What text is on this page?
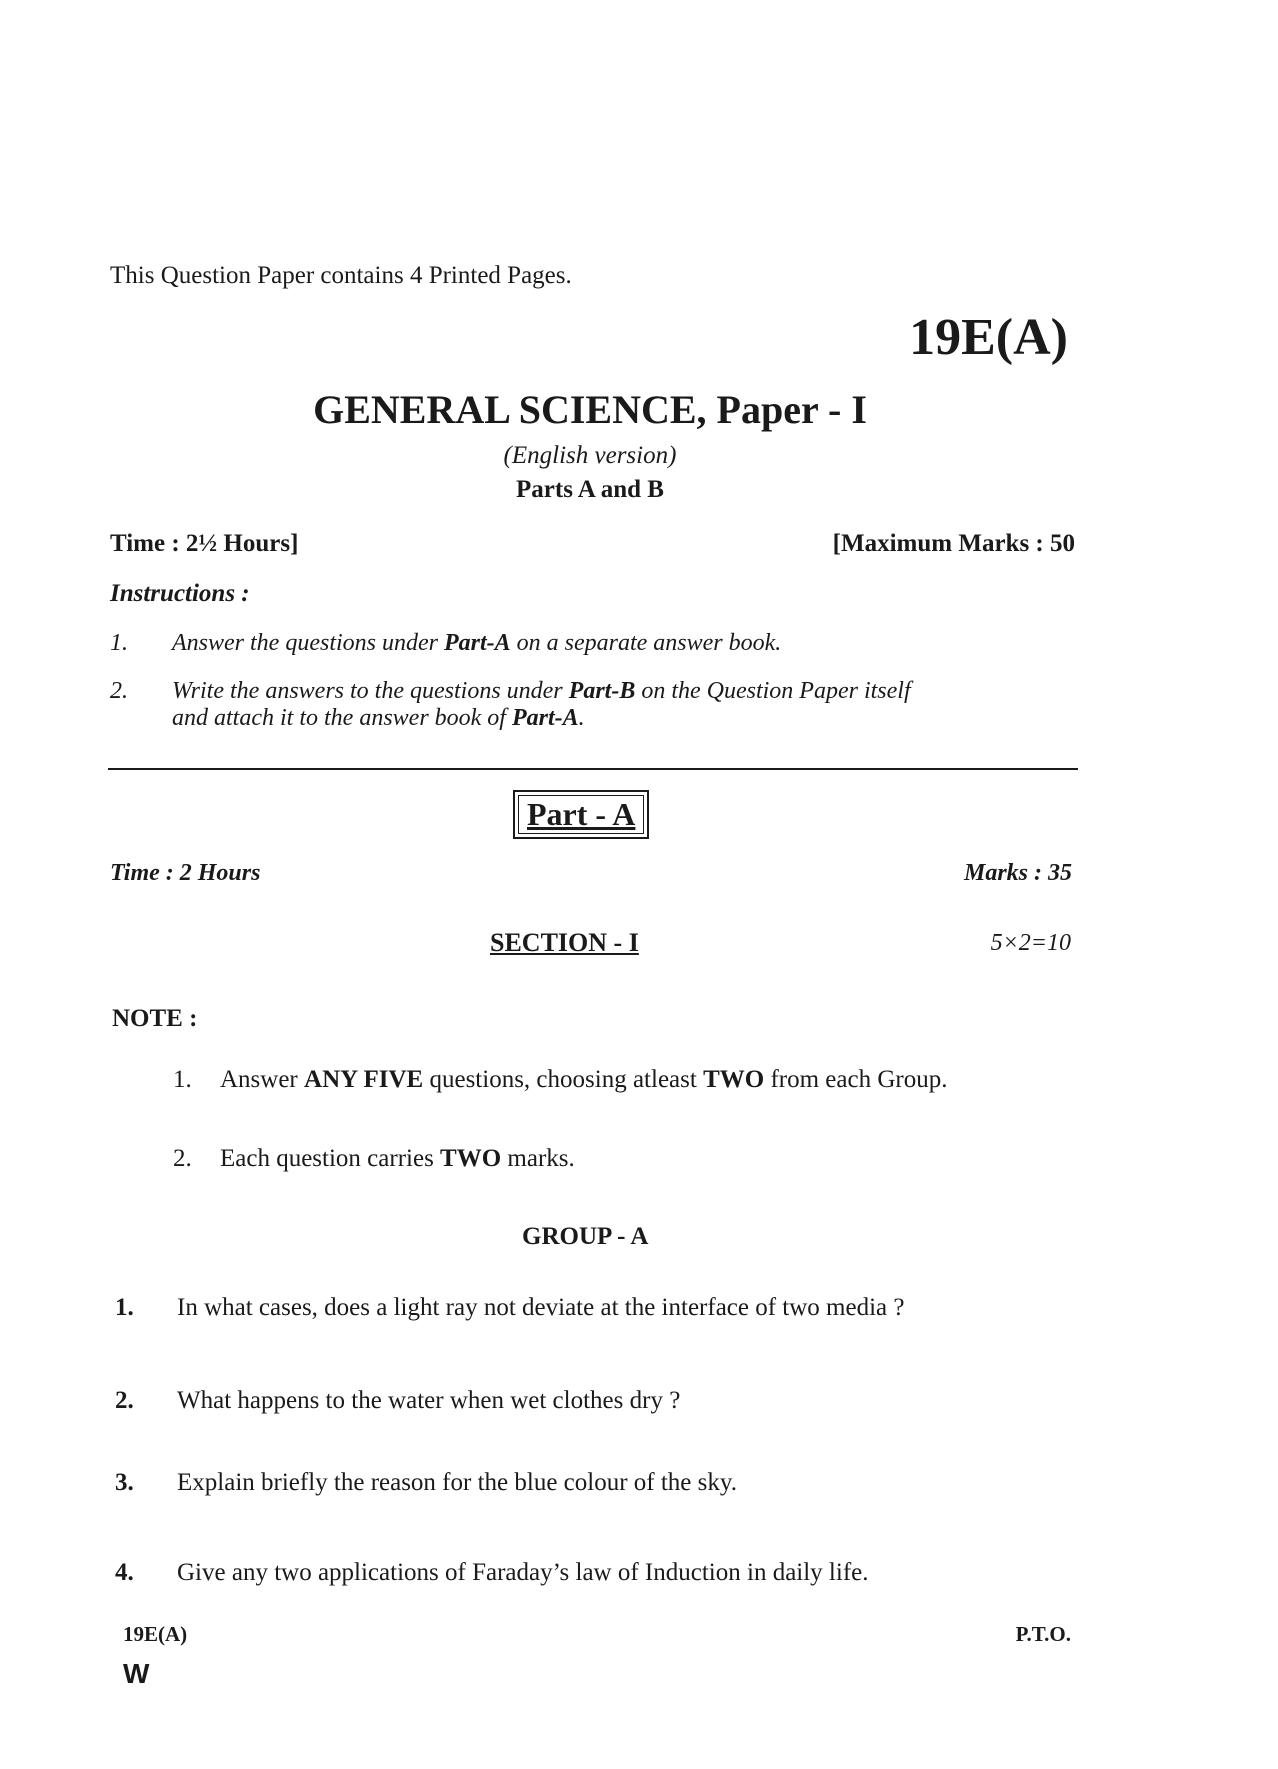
This Question Paper contains 4 Printed Pages.
19E(A)
GENERAL SCIENCE, Paper - I
(English version)
Parts A and B
Time : 2½ Hours]	[Maximum Marks : 50
Instructions :
1. Answer the questions under Part-A on a separate answer book.
2. Write the answers to the questions under Part-B on the Question Paper itself
and attach it to the answer book of Part-A.
Part - A
Time : 2 Hours	Marks : 35
SECTION - I	5×2=10
NOTE :
1. Answer ANY FIVE questions, choosing atleast TWO from each Group.
2. Each question carries TWO marks.
GROUP - A
1. In what cases, does a light ray not deviate at the interface of two media ?
2. What happens to the water when wet clothes dry ?
3. Explain briefly the reason for the blue colour of the sky.
4. Give any two applications of Faraday’s law of Induction in daily life.
19E(A)	P.T.O.
W
